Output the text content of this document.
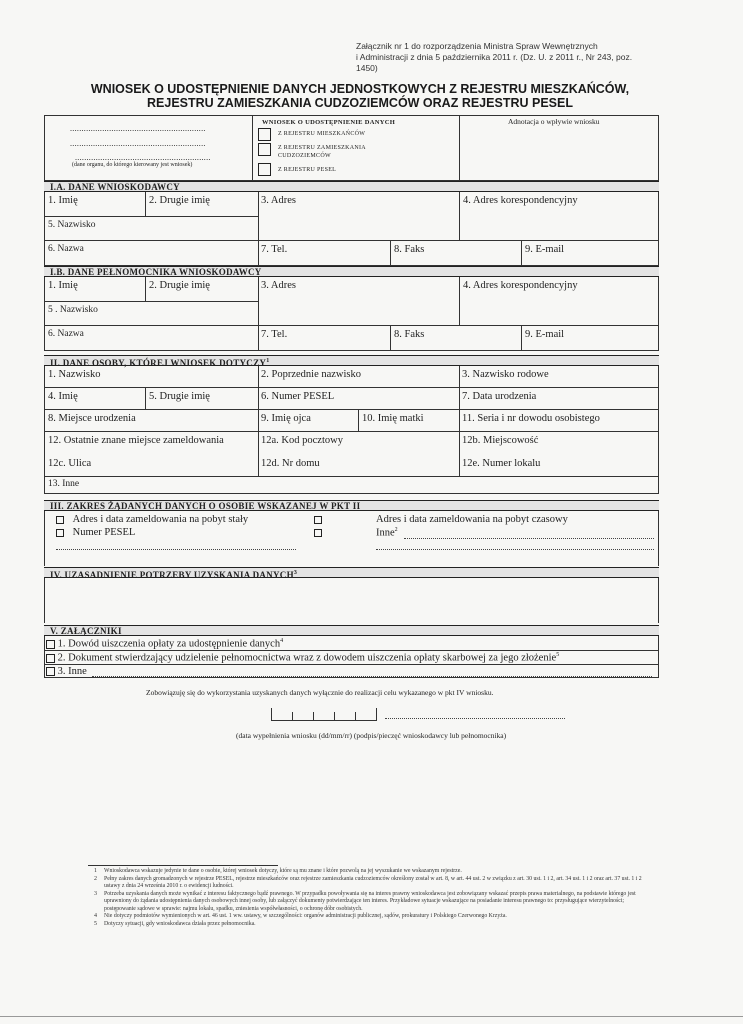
Załącznik nr 1 do rozporządzenia Ministra Spraw Wewnętrznych
i Administracji z dnia 5 października 2011 r. (Dz. U. z 2011 r., Nr 243, poz. 1450)
WNIOSEK O UDOSTĘPNIENIE DANYCH JEDNOSTKOWYCH Z REJESTRU MIESZKAŃCÓW,
REJESTRU ZAMIESZKANIA CUDZOZIEMCÓW ORAZ REJESTRU PESEL
...........................................................
...........................................................
...........................................................
(dane organu, do którego kierowany jest wniosek)
WNIOSEK O UDOSTĘPNIENIE DANYCH
Z REJESTRU MIESZKAŃCÓW
Z REJESTRU ZAMIESZKANIA
CUDZOZIEMCÓW
Z REJESTRU PESEL
Adnotacja o wpływie wniosku
I.A. DANE WNIOSKODAWCY
1. Imię	2. Drugie imię	3. Adres	4. Adres korespondencyjny
5. Nazwisko
6. Nazwa	7. Tel.	8. Faks	9. E-mail
I.B. DANE PEŁNOMOCNIKA WNIOSKODAWCY
1. Imię	2. Drugie imię	3. Adres	4. Adres korespondencyjny
5 . Nazwisko
6. Nazwa	7. Tel.	8. Faks	9. E-mail
II. DANE OSOBY, KTÓREJ WNIOSEK DOTYCZY$^1$
1. Nazwisko	2. Poprzednie nazwisko	3. Nazwisko rodowe
4. Imię	5. Drugie imię	6. Numer PESEL	7. Data urodzenia
8. Miejsce urodzenia	9. Imię ojca	10. Imię matki	11. Seria i nr dowodu osobistego
12. Ostatnie znane miejsce zameldowania	12a. Kod pocztowy	12b. Miejscowość
12c. Ulica	12d. Nr domu	12e. Numer lokalu
13. Inne
III. ZAKRES ŻĄDANYCH DANYCH O OSOBIE WSKAZANEJ W PKT II
Adres i data zameldowania na pobyt stały
Numer PESEL
Adres i data zameldowania na pobyt czasowy
Inne$^2$
IV. UZASADNIENIE POTRZEBY UZYSKANIA DANYCH$^3$
V. ZAŁĄCZNIKI
1. Dowód uiszczenia opłaty za udostępnienie danych$^4$
2. Dokument stwierdzający udzielenie pełnomocnictwa wraz z dowodem uiszczenia opłaty skarbowej za jego złożenie$^5$
3. Inne
Zobowiązuję się do wykorzystania uzyskanych danych wyłącznie do realizacji celu wykazanego w pkt IV wniosku.
(data wypełnienia wniosku (dd/mm/rr) (podpis/pieczęć wnioskodawcy lub pełnomocnika)
1 Wnioskodawca wskazuje jedynie te dane o osobie, której wniosek dotyczy, które są mu znane i które pozwolą na jej wyszukanie we wskazanym rejestrze.
2 Pełny zakres danych gromadzonych w rejestrze PESEL, rejestrze mieszkańców oraz rejestrze zamieszkania cudzoziemców określony został w art. 8, w art. 44 ust. 2 w związku z art. 30 ust. 1 i 2, art. 34 ust. 1 i 2 oraz art. 37 ust. 1 i 2 ustawy z dnia 24 września 2010 r. o ewidencji ludności.
3 Potrzeba uzyskania danych może wynikać z interesu faktycznego bądź prawnego. W przypadku powoływania się na interes prawny wnioskodawca jest zobowiązany wskazać przepis prawa materialnego, na podstawie którego jest uprawniony do żądania udostępnienia danych osobowych innej osoby, lub załączyć dokumenty potwierdzające ten interes. Przykładowe sytuacje wskazujące na posiadanie interesu prawnego to: przysługujące wierzytelności; postępowanie sądowe w sprawie: najmu lokalu, spadku, zniesienia współwłasności, o ochronę dóbr osobistych.
4 Nie dotyczy podmiotów wymienionych w art. 46 ust. 1 ww. ustawy, w szczególności: organów administracji publicznej, sądów, prokuratury i Polskiego Czerwonego Krzyża.
5 Dotyczy sytuacji, gdy wnioskodawca działa przez pełnomocnika.
